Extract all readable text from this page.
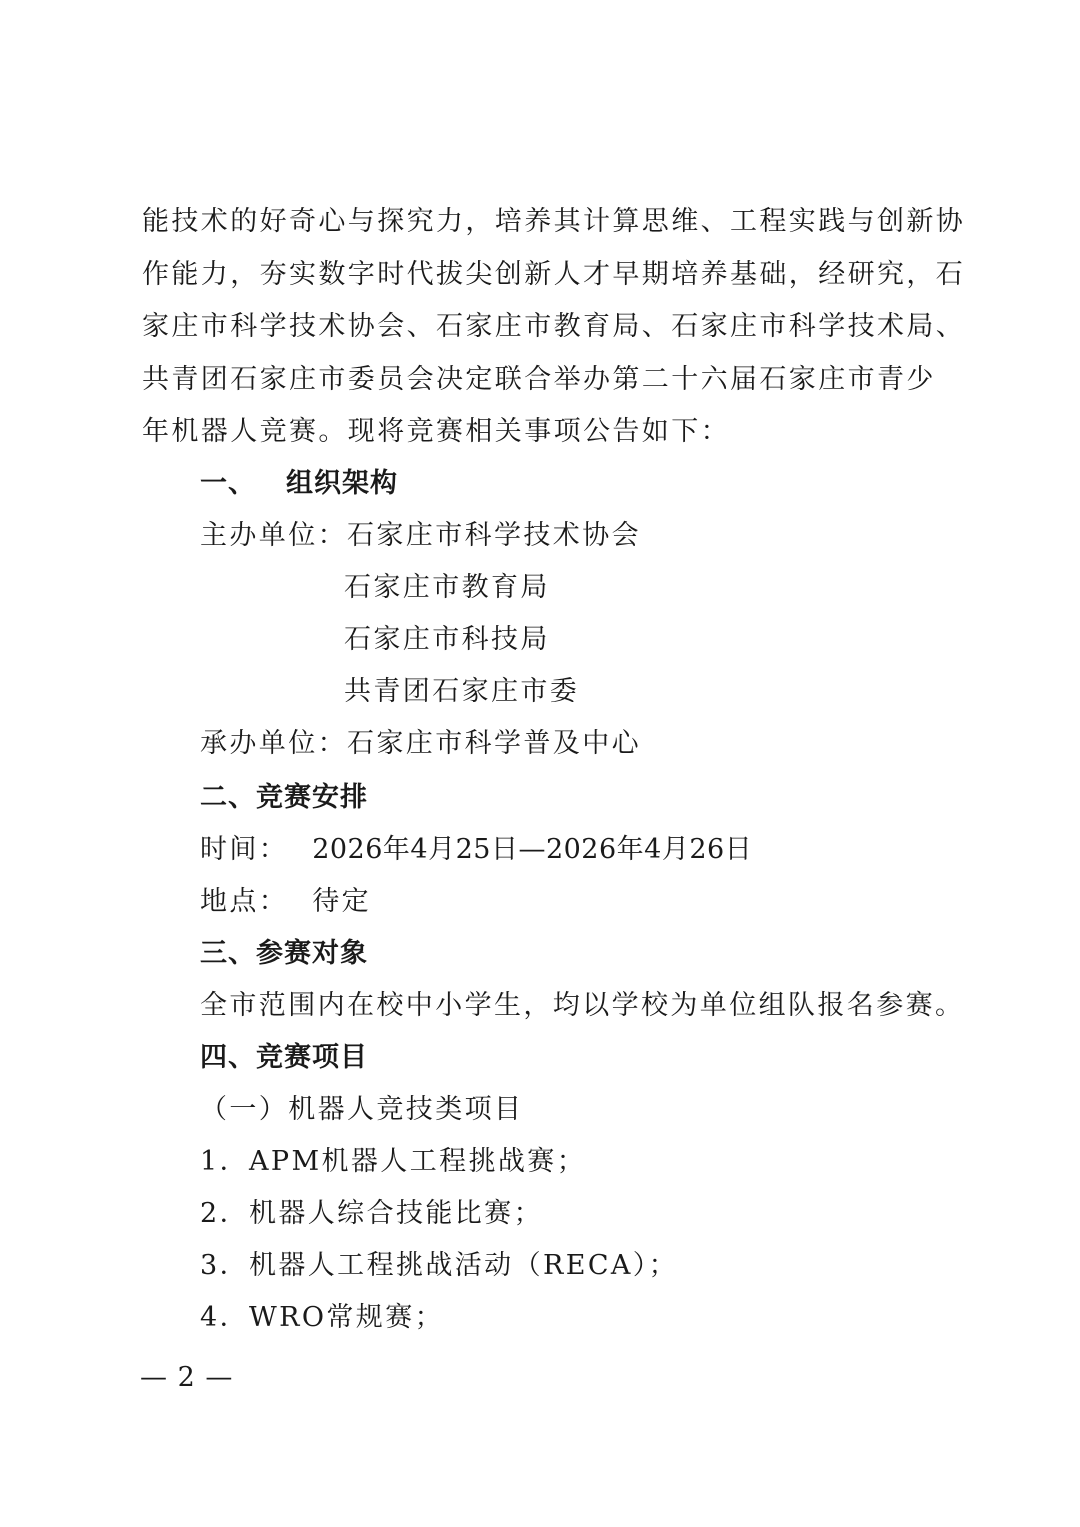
能技术的好奇心与探究力，培养其计算思维、工程实践与创新协
作能力，夯实数字时代拔尖创新人才早期培养基础，经研究，石
家庄市科学技术协会、石家庄市教育局、石家庄市科学技术局、
共青团石家庄市委员会决定联合举办第二十六届石家庄市青少
年机器人竞赛。现将竞赛相关事项公告如下：
一、 组织架构
主办单位：石家庄市科学技术协会
石家庄市教育局
石家庄市科技局
共青团石家庄市委
承办单位：石家庄市科学普及中心
二、竞赛安排
时间： 2026年4月25日—2026年4月26日
地点： 待定
三、参赛对象
全市范围内在校中小学生，均以学校为单位组队报名参赛。
四、竞赛项目
（一）机器人竞技类项目
1．APM机器人工程挑战赛；
2．机器人综合技能比赛；
3．机器人工程挑战活动（RECA）；
4．WRO常规赛；
— 2 —
